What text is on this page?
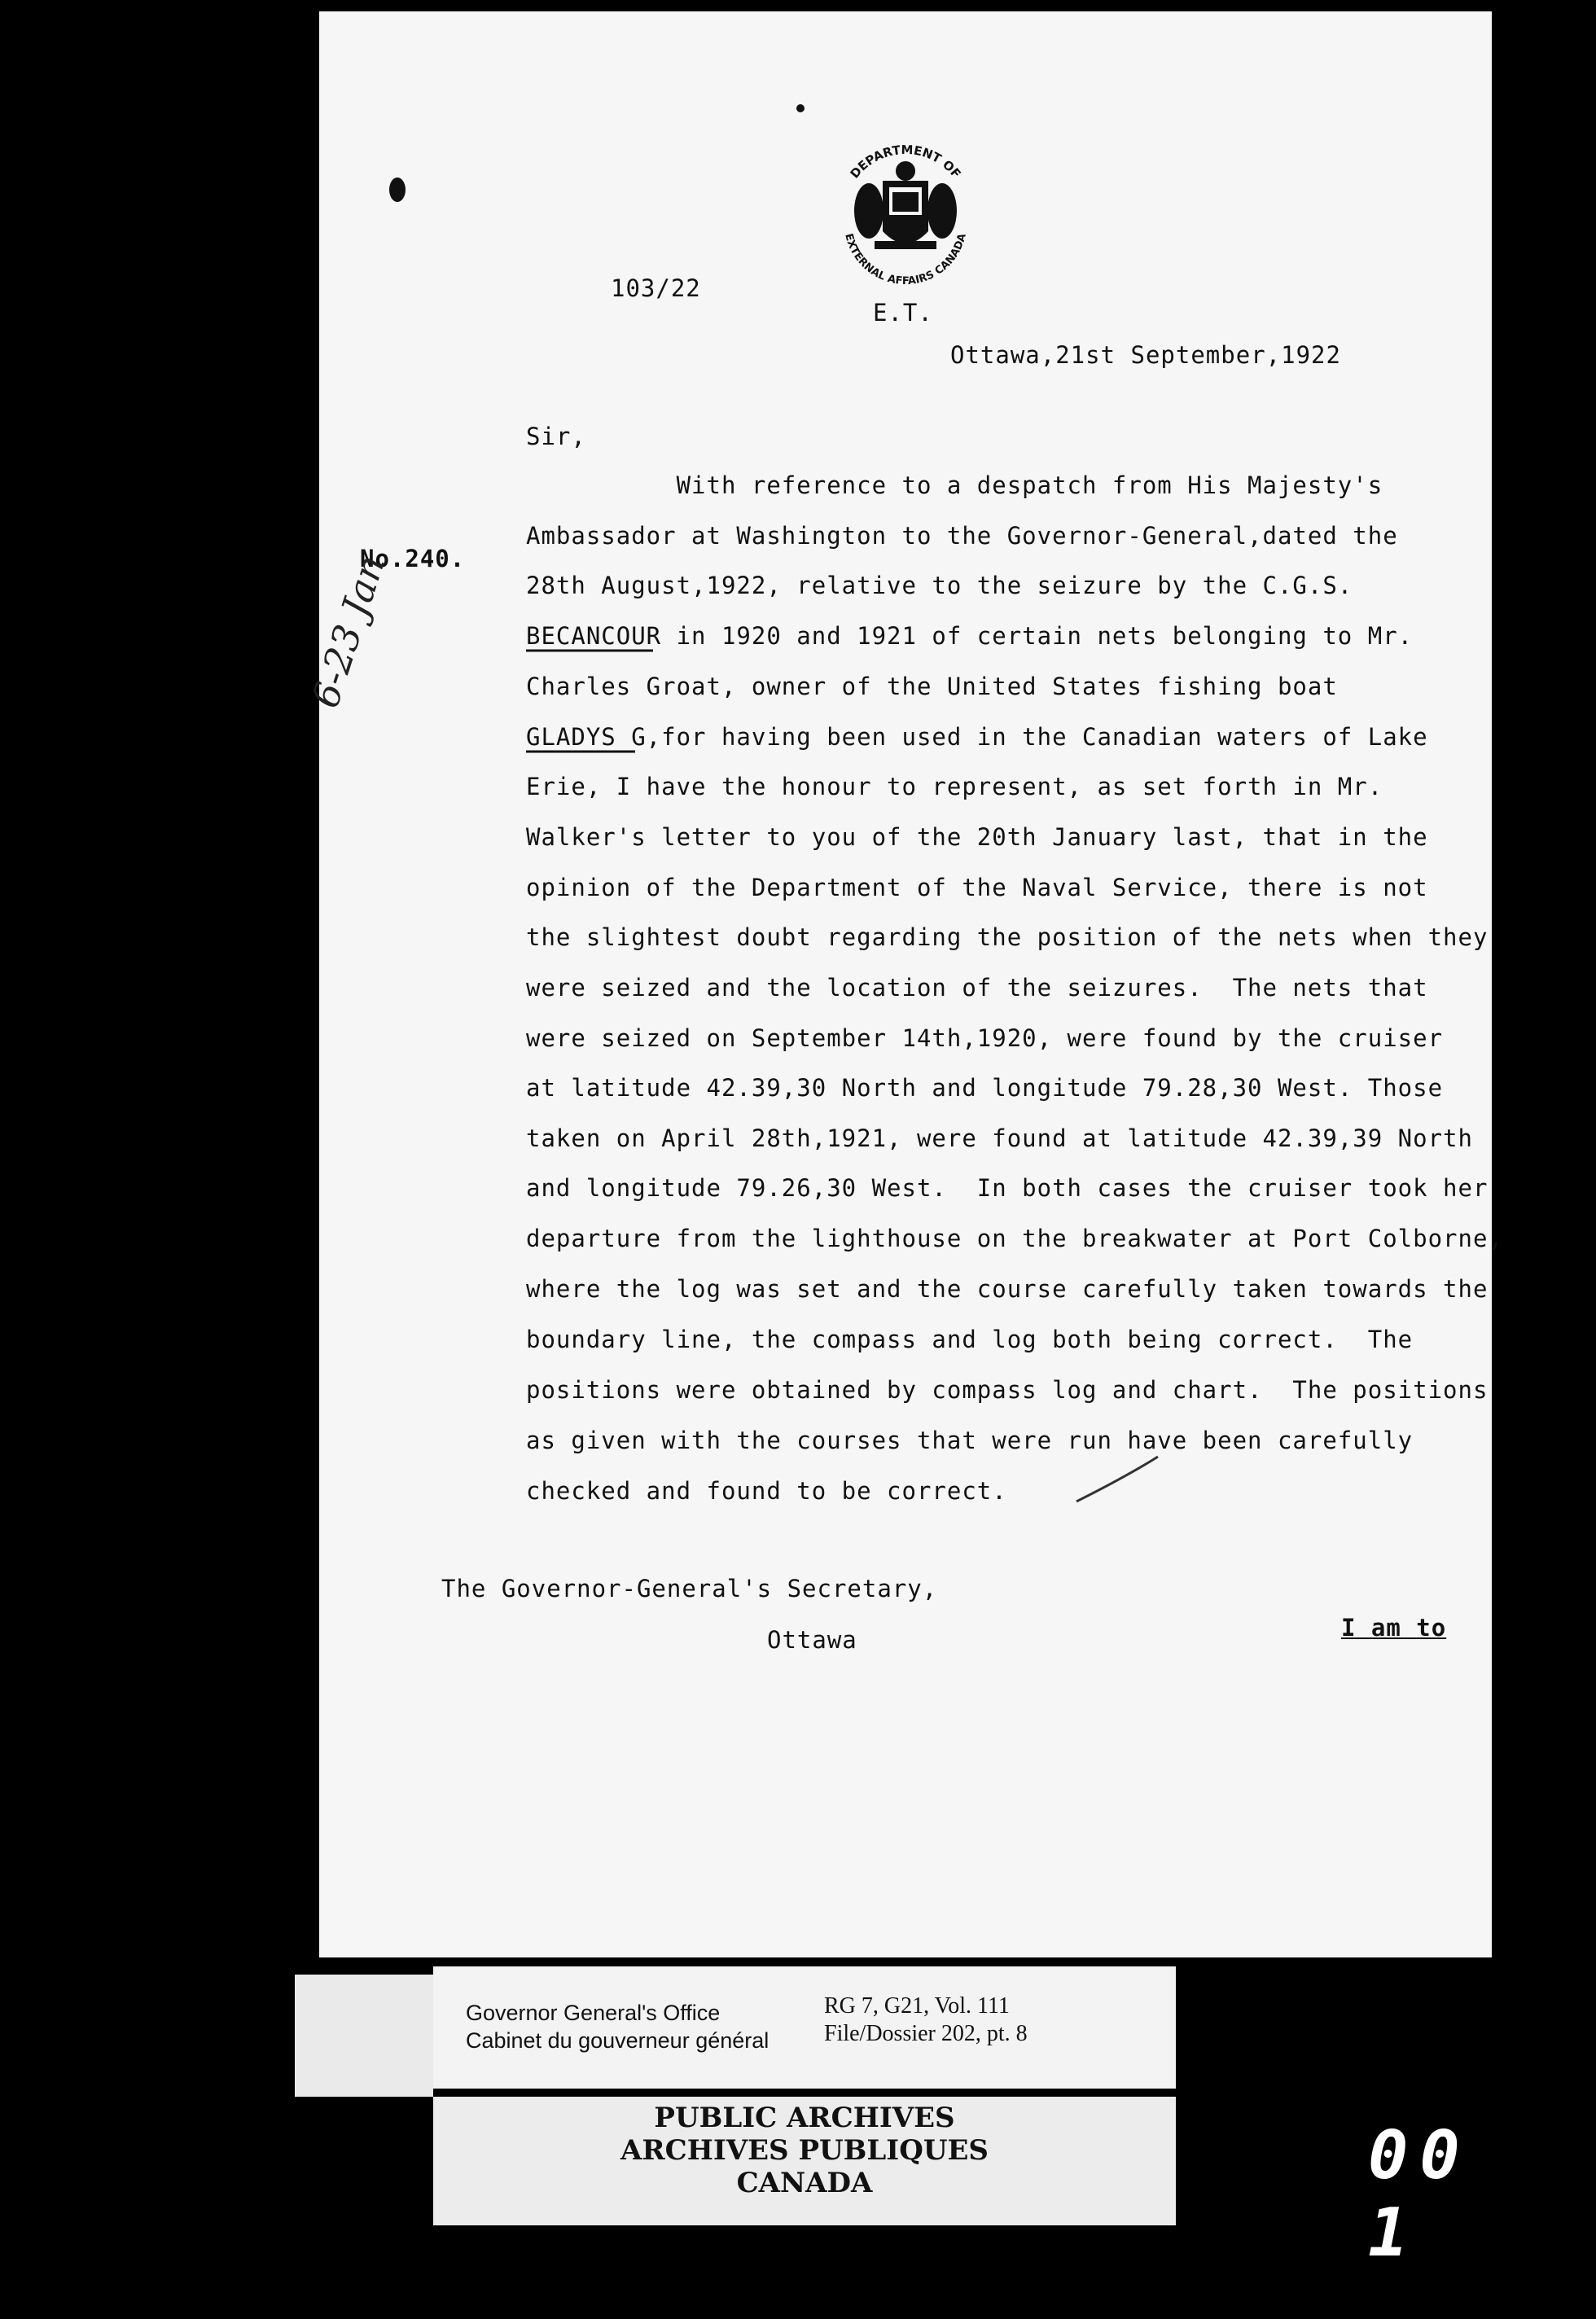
DEPARTMENT OF
EXTERNAL AFFAIRS CANADA
103/22
E.T.
Ottawa,21st September,1922
No.240.
6-23 Jan
Sir,
With reference to a despatch from His Majesty's
Ambassador at Washington to the Governor-General,dated the
28th August,1922, relative to the seizure by the C.G.S.
BECANCOUR in 1920 and 1921 of certain nets belonging to Mr.
Charles Groat, owner of the United States fishing boat
GLADYS G,for having been used in the Canadian waters of Lake
Erie, I have the honour to represent, as set forth in Mr.
Walker's letter to you of the 20th January last, that in the
opinion of the Department of the Naval Service, there is not
the slightest doubt regarding the position of the nets when they
were seized and the location of the seizures.  The nets that
were seized on September 14th,1920, were found by the cruiser
at latitude 42.39,30 North and longitude 79.28,30 West. Those
taken on April 28th,1921, were found at latitude 42.39,39 North
and longitude 79.26,30 West.  In both cases the cruiser took her
departure from the lighthouse on the breakwater at Port Colborne,
where the log was set and the course carefully taken towards the
boundary line, the compass and log both being correct.  The
positions were obtained by compass log and chart.  The positions
as given with the courses that were run have been carefully
checked and found to be correct.
The Governor-General's Secretary,
Ottawa	I am to
Governor General's Office
Cabinet du gouverneur général
RG 7, G21, Vol. 111
File/Dossier 202, pt. 8
PUBLIC ARCHIVES
ARCHIVES PUBLIQUES
CANADA	00 1
